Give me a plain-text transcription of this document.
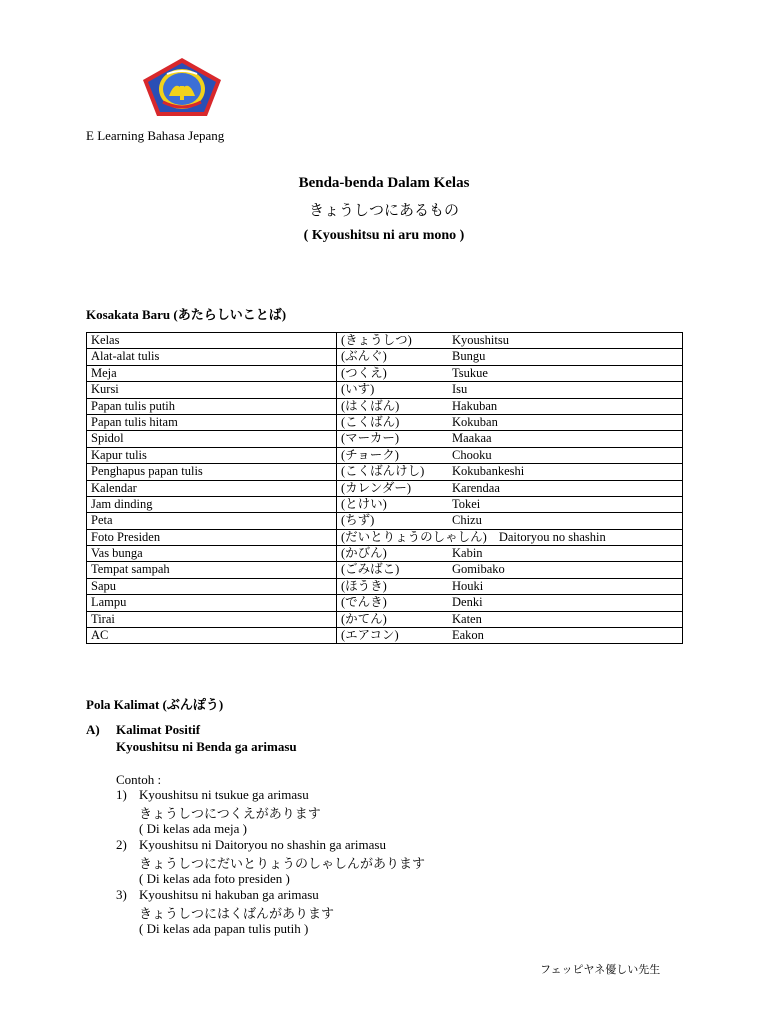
E Learning Bahasa Jepang
Benda-benda Dalam Kelas
きょうしつにあるもの
( Kyoushitsu ni aru mono )
Kosakata Baru (あたらしいことば)
Kelas	(きょうしつ) Kyoushitsu

Alat-alat tulis	(ぶんぐ) Bungu

Meja	(つくえ) Tsukue

Kursi	(いす) Isu

Papan tulis putih	(はくばん) Hakuban

Papan tulis hitam	(こくばん) Kokuban

Spidol	(マーカー) Maakaa

Kapur tulis	(チョーク) Chooku

Penghapus papan tulis	(こくばんけし) Kokubankeshi

Kalendar	(カレンダー) Karendaa

Jam dinding	(とけい) Tokei

Peta	(ちず) Chizu

Foto Presiden	(だいとりょうのしゃしん) Daitoryou no shashin

Vas bunga	(かびん) Kabin

Tempat sampah	(ごみばこ) Gomibako

Sapu	(ほうき) Houki

Lampu	(でんき) Denki

Tirai	(かてん) Katen

AC	(エアコン) Eakon
Pola Kalimat (ぶんぽう)
A) Kalimat Positif
Kyoushitsu ni Benda ga arimasu
Contoh :
1) Kyoushitsu ni tsukue ga arimasu
きょうしつにつくえがあります
( Di kelas ada meja )
2) Kyoushitsu ni Daitoryou no shashin ga arimasu
きょうしつにだいとりょうのしゃしんがあります
( Di kelas ada foto presiden )
3) Kyoushitsu ni hakuban ga arimasu
きょうしつにはくばんがあります
( Di kelas ada papan tulis putih )
フェッピヤネ優しい先生
